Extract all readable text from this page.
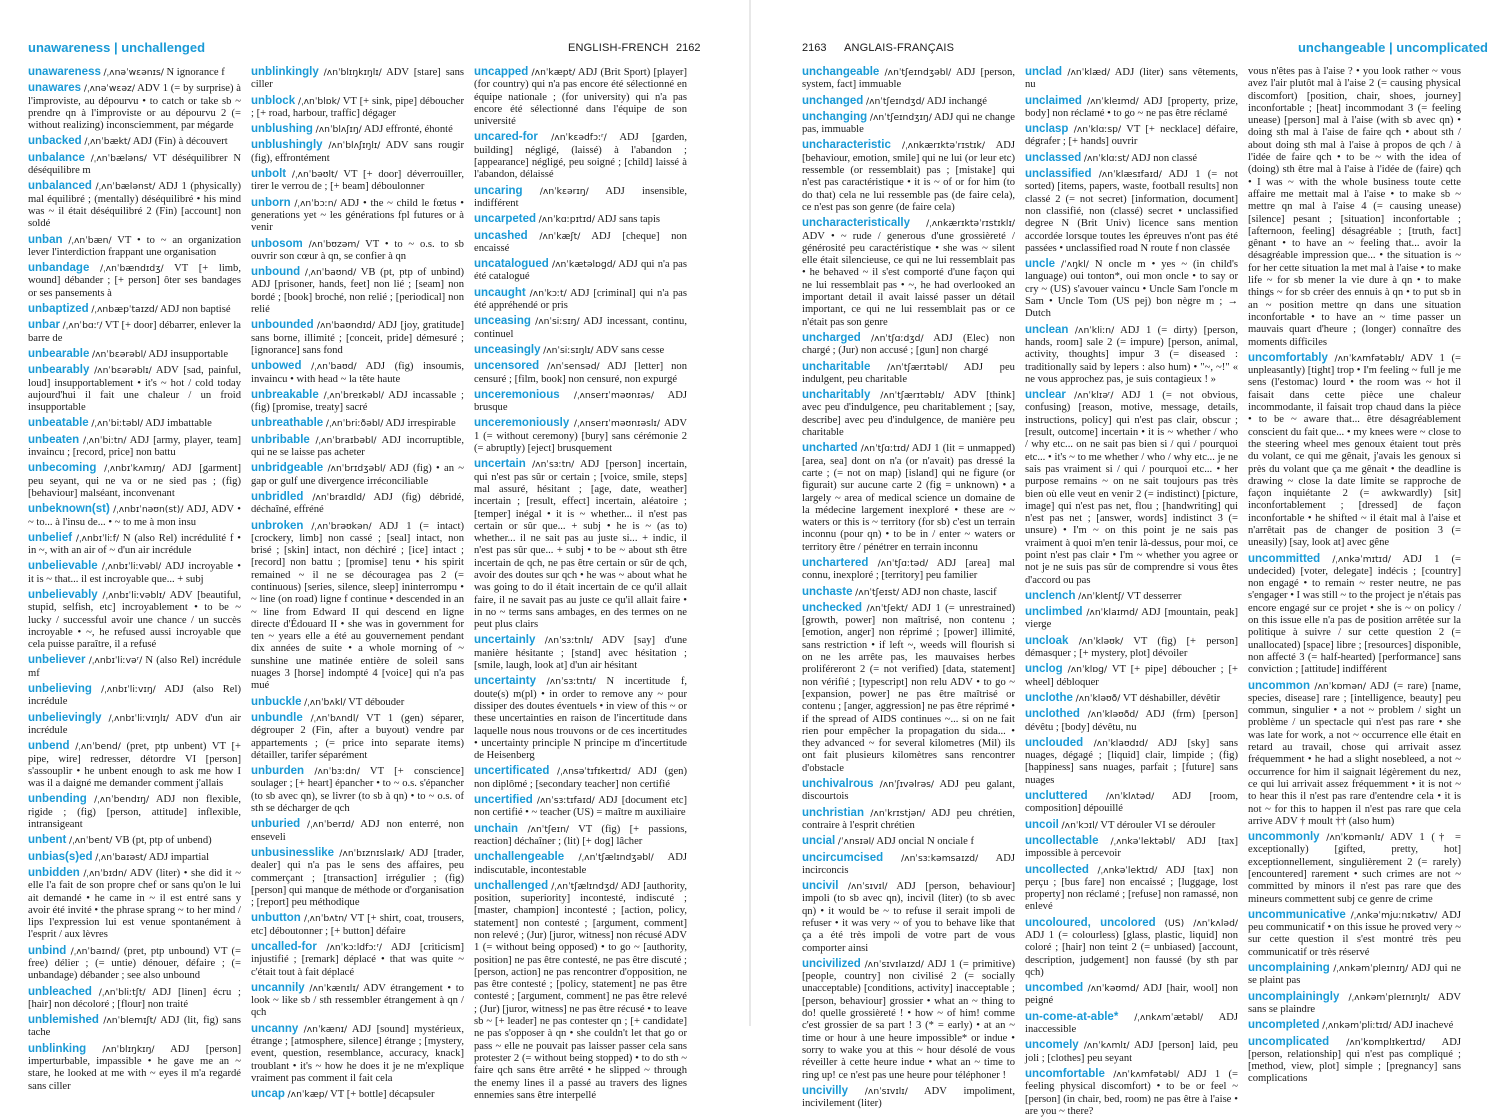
unawareness | unchallenged	ENGLISH-FRENCH 2162
unawareness /ˌʌnəˈwɛənɪs/ N ignorance f
unawares /ˌʌnəˈwɛəz/ ADV 1 (= by surprise) à l'improviste, au dépourvu • to catch or take sb ~ prendre qn à l'improviste or au dépourvu 2 (= without realizing) inconsciemment, par mégarde
unbacked /ˌʌnˈbækt/ ADJ (Fin) à découvert
unbalance /ˌʌnˈbæləns/ VT déséquilibrer N déséquilibre m
unbalanced /ˌʌnˈbælənst/ ADJ 1 (physically) mal équilibré ; (mentally) déséquilibré • his mind was ~ il était déséquilibré 2 (Fin) [account] non soldé
unban /ˌʌnˈbæn/ VT • to ~ an organization lever l'interdiction frappant une organisation
unbandage /ˌʌnˈbændɪdʒ/ VT [+ limb, wound] débander ; [+ person] ôter ses bandages or ses pansements à
unbaptized /ˌʌnbæpˈtaɪzd/ ADJ non baptisé
unbar /ˌʌnˈbɑːʳ/ VT [+ door] débarrer, enlever la barre de
unbearable /ʌnˈbɛərəbl/ ADJ insupportable
unbearably /ʌnˈbɛərəblɪ/ ADV [sad, painful, loud] insupportablement • it's ~ hot / cold today aujourd'hui il fait une chaleur / un froid insupportable
unbeatable /ˌʌnˈbiːtəbl/ ADJ imbattable
unbeaten /ˌʌnˈbiːtn/ ADJ [army, player, team] invaincu ; [record, price] non battu
unbecoming /ˌʌnbɪˈkʌmɪŋ/ ADJ [garment] peu seyant, qui ne va or ne sied pas ; (fig) [behaviour] malséant, inconvenant
unbeknown(st) /ˌʌnbɪˈnəʊn(st)/ ADJ, ADV • ~ to... à l'insu de... • ~ to me à mon insu
unbelief /ˌʌnbɪˈliːf/ N (also Rel) incrédulité f • in ~, with an air of ~ d'un air incrédule
unbelievable /ˌʌnbɪˈliːvəbl/ ADJ incroyable • it is ~ that... il est incroyable que... + subj
unbelievably /ˌʌnbɪˈliːvəblɪ/ ADV [beautiful, stupid, selfish, etc] incroyablement • to be ~ lucky / successful avoir une chance / un succès incroyable • ~, he refused aussi incroyable que cela puisse paraître, il a refusé
unbeliever /ˌʌnbɪˈliːvəʳ/ N (also Rel) incrédule mf
unbelieving /ˌʌnbɪˈliːvɪŋ/ ADJ (also Rel) incrédule
unbelievingly /ˌʌnbɪˈliːvɪŋlɪ/ ADV d'un air incrédule
unbend /ˌʌnˈbend/ (pret, ptp unbent) VT [+ pipe, wire] redresser, détordre VI [person] s'assouplir • he unbent enough to ask me how I was il a daigné me demander comment j'allais
unbending /ˌʌnˈbendɪŋ/ ADJ non flexible, rigide ; (fig) [person, attitude] inflexible, intransigeant
unbent /ˌʌnˈbent/ VB (pt, ptp of unbend)
unbias(s)ed /ˌʌnˈbaɪəst/ ADJ impartial
unbidden /ˌʌnˈbɪdn/ ADV (liter) • she did it ~ elle l'a fait de son propre chef or sans qu'on le lui ait demandé • he came in ~ il est entré sans y avoir été invité • the phrase sprang ~ to her mind / lips l'expression lui est venue spontanément à l'esprit / aux lèvres
unbind /ˌʌnˈbaɪnd/ (pret, ptp unbound) VT (= free) délier ; (= untie) dénouer, défaire ; (= unbandage) débander ; see also unbound
unbleached /ˌʌnˈbliːtʃt/ ADJ [linen] écru ; [hair] non décoloré ; [flour] non traité
unblemished /ʌnˈblemɪʃt/ ADJ (lit, fig) sans tache
unblinking /ʌnˈblɪŋkɪŋ/ ADJ [person] imperturbable, impassible • he gave me an ~ stare, he looked at me with ~ eyes il m'a regardé sans ciller
unblinkingly /ʌnˈblɪŋkɪŋlɪ/ ADV [stare] sans ciller
unblock /ˌʌnˈblɒk/ VT [+ sink, pipe] déboucher ; [+ road, harbour, traffic] dégager
unblushing /ʌnˈblʌʃɪŋ/ ADJ effronté, éhonté
unblushingly /ʌnˈblʌʃɪŋlɪ/ ADV sans rougir (fig), effrontément
unbolt /ˌʌnˈbəʊlt/ VT [+ door] déverrouiller, tirer le verrou de ; [+ beam] déboulonner
unborn /ˌʌnˈbɔːn/ ADJ • the ~ child le fœtus • generations yet ~ les générations fpl futures or à venir
unbosom /ʌnˈbʊzəm/ VT • to ~ o.s. to sb ouvrir son cœur à qn, se confier à qn
unbound /ˌʌnˈbaʊnd/ VB (pt, ptp of unbind) ADJ [prisoner, hands, feet] non lié ; [seam] non bordé ; [book] broché, non relié ; [periodical] non relié
unbounded /ʌnˈbaʊndɪd/ ADJ [joy, gratitude] sans borne, illimité ; [conceit, pride] démesuré ; [ignorance] sans fond
unbowed /ˌʌnˈbaʊd/ ADJ (fig) insoumis, invaincu • with head ~ la tête haute
unbreakable /ˌʌnˈbreɪkəbl/ ADJ incassable ; (fig) [promise, treaty] sacré
unbreathable /ˌʌnˈbriːðəbl/ ADJ irrespirable
unbribable /ˌʌnˈbraɪbəbl/ ADJ incorruptible, qui ne se laisse pas acheter
unbridgeable /ʌnˈbrɪdʒəbl/ ADJ (fig) • an ~ gap or gulf une divergence irréconciliable
unbridled /ʌnˈbraɪdld/ ADJ (fig) débridé, déchaîné, effréné
unbroken /ˌʌnˈbrəʊkən/ ADJ 1 (= intact) [crockery, limb] non cassé ; [seal] intact, non brisé ; [skin] intact, non déchiré ; [ice] intact ; [record] non battu ; [promise] tenu • his spirit remained ~ il ne se découragea pas 2 (= continuous) [series, silence, sleep] ininterrompu • ~ line (on road) ligne f continue • descended in an ~ line from Edward II qui descend en ligne directe d'Édouard II • she was in government for ten ~ years elle a été au gouvernement pendant dix années de suite • a whole morning of ~ sunshine une matinée entière de soleil sans nuages 3 [horse] indompté 4 [voice] qui n'a pas mué
unbuckle /ˌʌnˈbʌkl/ VT débouder
unbundle /ˌʌnˈbʌndl/ VT 1 (gen) séparer, dégrouper 2 (Fin, after a buyout) vendre par appartements ; (= price into separate items) détailler, tarifer séparément
unburden /ʌnˈbɜːdn/ VT [+ conscience] soulager ; [+ heart] épancher • to ~ o.s. s'épancher (to sb avec qn), se livrer (to sb à qn) • to ~ o.s. of sth se décharger de qch
unburied /ˌʌnˈberɪd/ ADJ non enterré, non enseveli
unbusinesslike /ʌnˈbɪznɪslaɪk/ ADJ [trader, dealer] qui n'a pas le sens des affaires, peu commerçant ; [transaction] irrégulier ; (fig) [person] qui manque de méthode or d'organisation ; [report] peu méthodique
unbutton /ˌʌnˈbʌtn/ VT [+ shirt, coat, trousers, etc] déboutonner ; [+ button] défaire
uncalled-for /ʌnˈkɔːldfɔːʳ/ ADJ [criticism] injustifié ; [remark] déplacé • that was quite ~ c'était tout à fait déplacé
uncannily /ʌnˈkænɪlɪ/ ADV étrangement • to look ~ like sb / sth ressembler étrangement à qn / qch
uncanny /ʌnˈkænɪ/ ADJ [sound] mystérieux, étrange ; [atmosphere, silence] étrange ; [mystery, event, question, resemblance, accuracy, knack] troublant • it's ~ how he does it je ne m'explique vraiment pas comment il fait cela
uncap /ʌnˈkæp/ VT [+ bottle] décapsuler
uncapped /ʌnˈkæpt/ ADJ (Brit Sport) [player] (for country) qui n'a pas encore été sélectionné en équipe nationale ; (for university) qui n'a pas encore été sélectionné dans l'équipe de son université
uncared-for /ʌnˈkɛədfɔːʳ/ ADJ [garden, building] négligé, (laissé) à l'abandon ; [appearance] négligé, peu soigné ; [child] laissé à l'abandon, délaissé
uncaring /ʌnˈkɛərɪŋ/ ADJ insensible, indifférent
uncarpeted /ʌnˈkɑːpɪtɪd/ ADJ sans tapis
uncashed /ʌnˈkæʃt/ ADJ [cheque] non encaissé
uncatalogued /ʌnˈkætəlɒgd/ ADJ qui n'a pas été catalogué
uncaught /ʌnˈkɔːt/ ADJ [criminal] qui n'a pas été appréhendé or pris
unceasing /ʌnˈsiːsɪŋ/ ADJ incessant, continu, continuel
unceasingly /ʌnˈsiːsɪŋlɪ/ ADV sans cesse
uncensored /ʌnˈsensəd/ ADJ [letter] non censuré ; [film, book] non censuré, non expurgé
unceremonious /ˌʌnserɪˈməʊnɪəs/ ADJ brusque
unceremoniously /ˌʌnserɪˈməʊnɪəslɪ/ ADV 1 (= without ceremony) [bury] sans cérémonie 2 (= abruptly) [eject] brusquement
uncertain /ʌnˈsɜːtn/ ADJ [person] incertain, qui n'est pas sûr or certain ; [voice, smile, steps] mal assuré, hésitant ; [age, date, weather] incertain ; [result, effect] incertain, aléatoire ; [temper] inégal • it is ~ whether... il n'est pas certain or sûr que... + subj • he is ~ (as to) whether... il ne sait pas au juste si... + indic, il n'est pas sûr que... + subj • to be ~ about sth être incertain de qch, ne pas être certain or sûr de qch, avoir des doutes sur qch • he was ~ about what he was going to do il était incertain de ce qu'il allait faire, il ne savait pas au juste ce qu'il allait faire • in no ~ terms sans ambages, en des termes on ne peut plus clairs
uncertainly /ʌnˈsɜːtnlɪ/ ADV [say] d'une manière hésitante ; [stand] avec hésitation ; [smile, laugh, look at] d'un air hésitant
uncertainty /ʌnˈsɜːtntɪ/ N incertitude f, doute(s) m(pl) • in order to remove any ~ pour dissiper des doutes éventuels • in view of this ~ or these uncertainties en raison de l'incertitude dans laquelle nous nous trouvons or de ces incertitudes • uncertainty principle N principe m d'incertitude de Heisenberg
uncertificated /ˌʌnsəˈtɪfɪkeɪtɪd/ ADJ (gen) non diplômé ; [secondary teacher] non certifié
uncertified /ʌnˈsɜːtɪfaɪd/ ADJ [document etc] non certifié • ~ teacher (US) = maître m auxiliaire
unchain /ʌnˈtʃeɪn/ VT (fig) [+ passions, reaction] déchaîner ; (lit) [+ dog] lâcher
unchallengeable /ˌʌnˈtʃælɪndʒəbl/ ADJ indiscutable, incontestable
unchallenged /ˌʌnˈtʃælɪndʒd/ ADJ [authority, position, superiority] incontesté, indiscuté ; [master, champion] incontesté ; [action, policy, statement] non contesté ; [argument, comment] non relevé ; (Jur) [juror, witness] non récusé ADV 1 (= without being opposed) • to go ~ [authority, position] ne pas être contesté, ne pas être discuté ; [person, action] ne pas rencontrer d'opposition, ne pas être contesté ; [policy, statement] ne pas être contesté ; [argument, comment] ne pas être relevé ; (Jur) [juror, witness] ne pas être récusé • to leave sb ~ [+ leader] ne pas contester qn ; [+ candidate] ne pas s'opposer à qn • she couldn't let that go or pass ~ elle ne pouvait pas laisser passer cela sans protester 2 (= without being stopped) • to do sth ~ faire qch sans être arrêté • he slipped ~ through the enemy lines il a passé au travers des lignes ennemies sans être interpellé
2163 ANGLAIS-FRANÇAIS	unchangeable | uncomplicated
unchangeable /ʌnˈtʃeɪndʒəbl/ ADJ [person, system, fact] immuable
unchanged /ʌnˈtʃeɪndʒd/ ADJ inchangé
unchanging /ʌnˈtʃeɪndʒɪŋ/ ADJ qui ne change pas, immuable
uncharacteristic /ˌʌnkærɪktəˈrɪstɪk/ ADJ [behaviour, emotion, smile] qui ne lui (or leur etc) ressemble (or ressemblait) pas ; [mistake] qui n'est pas caractéristique • it is ~ of or for him (to do that) cela ne lui ressemble pas (de faire cela), ce n'est pas son genre (de faire cela)
uncharacteristically /ˌʌnkærɪktəˈrɪstɪklɪ/ ADV • ~ rude / generous d'une grossièreté / générosité peu caractéristique • she was ~ silent elle était silencieuse, ce qui ne lui ressemblait pas • he behaved ~ il s'est comporté d'une façon qui ne lui ressemblait pas • ~, he had overlooked an important detail il avait laissé passer un détail important, ce qui ne lui ressemblait pas or ce n'était pas son genre
uncharged /ʌnˈtʃɑːdʒd/ ADJ (Elec) non chargé ; (Jur) non accusé ; [gun] non chargé
uncharitable /ʌnˈtʃærɪtəbl/ ADJ peu indulgent, peu charitable
uncharitably /ʌnˈtʃærɪtəblɪ/ ADV [think] avec peu d'indulgence, peu charitablement ; [say, describe] avec peu d'indulgence, de manière peu charitable
uncharted /ʌnˈtʃɑːtɪd/ ADJ 1 (lit = unmapped) [area, sea] dont on n'a (or n'avait) pas dressé la carte ; (= not on map) [island] qui ne figure (or figurait) sur aucune carte 2 (fig = unknown) • a largely ~ area of medical science un domaine de la médecine largement inexploré • these are ~ waters or this is ~ territory (for sb) c'est un terrain inconnu (pour qn) • to be in / enter ~ waters or territory être / pénétrer en terrain inconnu
unchartered /ʌnˈtʃɑːtəd/ ADJ [area] mal connu, inexploré ; [territory] peu familier
unchaste /ʌnˈtʃeɪst/ ADJ non chaste, lascif
unchecked /ʌnˈtʃekt/ ADJ 1 (= unrestrained) [growth, power] non maîtrisé, non contenu ; [emotion, anger] non réprimé ; [power] illimité, sans restriction • if left ~, weeds will flourish si on ne les arrête pas, les mauvaises herbes proliféreront 2 (= not verified) [data, statement] non vérifié ; [typescript] non relu ADV • to go ~ [expansion, power] ne pas être maîtrisé or contenu ; [anger, aggression] ne pas être réprimé • if the spread of AIDS continues ~... si on ne fait rien pour empêcher la propagation du sida... • they advanced ~ for several kilometres (Mil) ils ont fait plusieurs kilomètres sans rencontrer d'obstacle
unchivalrous /ʌnˈʃɪvəlrəs/ ADJ peu galant, discourtois
unchristian /ʌnˈkrɪstjən/ ADJ peu chrétien, contraire à l'esprit chrétien
uncial /ˈʌnsɪəl/ ADJ oncial N onciale f
uncircumcised /ʌnˈsɜːkəmsaɪzd/ ADJ incirconcis
uncivil /ʌnˈsɪvɪl/ ADJ [person, behaviour] impoli (to sb avec qn), incivil (liter) (to sb avec qn) • it would be ~ to refuse il serait impoli de refuser • it was very ~ of you to behave like that ça a été très impoli de votre part de vous comporter ainsi
uncivilized /ʌnˈsɪvɪlaɪzd/ ADJ 1 (= primitive) [people, country] non civilisé 2 (= socially unacceptable) [conditions, activity] inacceptable ; [person, behaviour] grossier • what an ~ thing to do! quelle grossièreté ! • how ~ of him! comme c'est grossier de sa part ! 3 (* = early) • at an ~ time or hour à une heure impossible* or indue • sorry to wake you at this ~ hour désolé de vous réveiller à cette heure indue • what an ~ time to ring up! ce n'est pas une heure pour téléphoner !
uncivilly /ʌnˈsɪvɪlɪ/ ADV impoliment, incivilement (liter)
unclad /ʌnˈklæd/ ADJ (liter) sans vêtements, nu
unclaimed /ʌnˈkleɪmd/ ADJ [property, prize, body] non réclamé • to go ~ ne pas être réclamé
unclasp /ʌnˈklɑːsp/ VT [+ necklace] défaire, dégrafer ; [+ hands] ouvrir
unclassed /ʌnˈklɑːst/ ADJ non classé
unclassified /ʌnˈklæsɪfaɪd/ ADJ 1 (= not sorted) [items, papers, waste, football results] non classé 2 (= not secret) [information, document] non classifié, non (classé) secret • unclassified degree N (Brit Univ) licence sans mention accordée lorsque toutes les épreuves n'ont pas été passées • unclassified road N route f non classée
uncle /ˈʌŋkl/ N oncle m • yes ~ (in child's language) oui tonton*, oui mon oncle • to say or cry ~ (US) s'avouer vaincu • Uncle Sam l'oncle m Sam • Uncle Tom (US pej) bon nègre m ; → Dutch
unclean /ʌnˈkliːn/ ADJ 1 (= dirty) [person, hands, room] sale 2 (= impure) [person, animal, activity, thoughts] impur 3 (= diseased : traditionally said by lepers : also hum) • "~, ~!" « ne vous approchez pas, je suis contagieux ! »
unclear /ʌnˈklɪəʳ/ ADJ 1 (= not obvious, confusing) [reason, motive, message, details, instructions, policy] qui n'est pas clair, obscur ; [result, outcome] incertain • it is ~ whether / who / why etc... on ne sait pas bien si / qui / pourquoi etc... • it's ~ to me whether / who / why etc... je ne sais pas vraiment si / qui / pourquoi etc... • her purpose remains ~ on ne sait toujours pas très bien où elle veut en venir 2 (= indistinct) [picture, image] qui n'est pas net, flou ; [handwriting] qui n'est pas net ; [answer, words] indistinct 3 (= unsure) • I'm ~ on this point je ne sais pas vraiment à quoi m'en tenir là-dessus, pour moi, ce point n'est pas clair • I'm ~ whether you agree or not je ne suis pas sûr de comprendre si vous êtes d'accord ou pas
unclench /ʌnˈklentʃ/ VT desserrer
unclimbed /ʌnˈklaɪmd/ ADJ [mountain, peak] vierge
uncloak /ʌnˈkləʊk/ VT (fig) [+ person] démasquer ; [+ mystery, plot] dévoiler
unclog /ʌnˈklɒg/ VT [+ pipe] déboucher ; [+ wheel] débloquer
unclothe /ʌnˈkləʊð/ VT déshabiller, dévêtir
unclothed /ʌnˈkləʊðd/ ADJ (frm) [person] dévêtu ; [body] dévêtu, nu
unclouded /ʌnˈklaʊdɪd/ ADJ [sky] sans nuages, dégagé ; [liquid] clair, limpide ; (fig) [happiness] sans nuages, parfait ; [future] sans nuages
uncluttered /ʌnˈklʌtəd/ ADJ [room, composition] dépouillé
uncoil /ʌnˈkɔɪl/ VT dérouler VI se dérouler
uncollectable /ˌʌnkəˈlektəbl/ ADJ [tax] impossible à percevoir
uncollected /ˌʌnkəˈlektɪd/ ADJ [tax] non perçu ; [bus fare] non encaissé ; [luggage, lost property] non réclamé ; [refuse] non ramassé, non enlevé
uncoloured, uncolored (US) /ʌnˈkʌləd/ ADJ 1 (= colourless) [glass, plastic, liquid] non coloré ; [hair] non teint 2 (= unbiased) [account, description, judgement] non faussé (by sth par qch)
uncombed /ʌnˈkəʊmd/ ADJ [hair, wool] non peigné
un-come-at-able* /ˌʌnkʌmˈætəbl/ ADJ inaccessible
uncomely /ʌnˈkʌmlɪ/ ADJ [person] laid, peu joli ; [clothes] peu seyant
uncomfortable /ʌnˈkʌmfətəbl/ ADJ 1 (= feeling physical discomfort) • to be or feel ~ [person] (in chair, bed, room) ne pas être à l'aise • are you ~ there?
vous n'êtes pas à l'aise ? • you look rather ~ vous avez l'air plutôt mal à l'aise 2 (= causing physical discomfort) [position, chair, shoes, journey] inconfortable ; [heat] incommodant 3 (= feeling unease) [person] mal à l'aise (with sb avec qn) • doing sth mal à l'aise de faire qch • about sth / about doing sth mal à l'aise à propos de qch / à l'idée de faire qch • to be ~ with the idea of (doing) sth être mal à l'aise à l'idée de (faire) qch • I was ~ with the whole business toute cette affaire me mettait mal à l'aise • to make sb ~ mettre qn mal à l'aise 4 (= causing unease) [silence] pesant ; [situation] inconfortable ; [afternoon, feeling] désagréable ; [truth, fact] gênant • to have an ~ feeling that... avoir la désagréable impression que... • the situation is ~ for her cette situation la met mal à l'aise • to make life ~ for sb mener la vie dure à qn • to make things ~ for sb créer des ennuis à qn • to put sb in an ~ position mettre qn dans une situation inconfortable • to have an ~ time passer un mauvais quart d'heure ; (longer) connaître des moments difficiles
uncomfortably /ʌnˈkʌmfətəblɪ/ ADV 1 (= unpleasantly) [tight] trop • I'm feeling ~ full je me sens (l'estomac) lourd • the room was ~ hot il faisait dans cette pièce une chaleur incommodante, il faisait trop chaud dans la pièce • to be ~ aware that... être désagréablement conscient du fait que... • my knees were ~ close to the steering wheel mes genoux étaient tout près du volant, ce qui me gênait, j'avais les genoux si près du volant que ça me gênait • the deadline is drawing ~ close la date limite se rapproche de façon inquiétante 2 (= awkwardly) [sit] inconfortablement ; [dressed] de façon inconfortable • he shifted ~ il était mal à l'aise et n'arrêtait pas de changer de position 3 (= uneasily) [say, look at] avec gêne
uncommitted /ˌʌnkəˈmɪtɪd/ ADJ 1 (= undecided) [voter, delegate] indécis ; [country] non engagé • to remain ~ rester neutre, ne pas s'engager • I was still ~ to the project je n'étais pas encore engagé sur ce projet • she is ~ on policy / on this issue elle n'a pas de position arrêtée sur la politique à suivre / sur cette question 2 (= unallocated) [space] libre ; [resources] disponible, non affecté 3 (= half-hearted) [performance] sans conviction ; [attitude] indifférent
uncommon /ʌnˈkɒmən/ ADJ (= rare) [name, species, disease] rare ; [intelligence, beauty] peu commun, singulier • a not ~ problem / sight un problème / un spectacle qui n'est pas rare • she was late for work, a not ~ occurrence elle était en retard au travail, chose qui arrivait assez fréquemment • he had a slight nosebleed, a not ~ occurrence for him il saignait légèrement du nez, ce qui lui arrivait assez fréquemment • it is not ~ to hear this il n'est pas rare d'entendre cela • it is not ~ for this to happen il n'est pas rare que cela arrive ADV † moult †† (also hum)
uncommonly /ʌnˈkɒmənlɪ/ ADV 1 († = exceptionally) [gifted, pretty, hot] exceptionnellement, singulièrement 2 (= rarely) [encountered] rarement • such crimes are not ~ committed by minors il n'est pas rare que des mineurs commettent subj ce genre de crime
uncommunicative /ˌʌnkəˈmjuːnɪkətɪv/ ADJ peu communicatif • on this issue he proved very ~ sur cette question il s'est montré très peu communicatif or très réservé
uncomplaining /ˌʌnkəmˈpleɪnɪŋ/ ADJ qui ne se plaint pas
uncomplainingly /ˌʌnkəmˈpleɪnɪŋlɪ/ ADV sans se plaindre
uncompleted /ˌʌnkəmˈpliːtɪd/ ADJ inachevé
uncomplicated /ʌnˈkɒmplɪkeɪtɪd/ ADJ [person, relationship] qui n'est pas compliqué ; [method, view, plot] simple ; [pregnancy] sans complications
